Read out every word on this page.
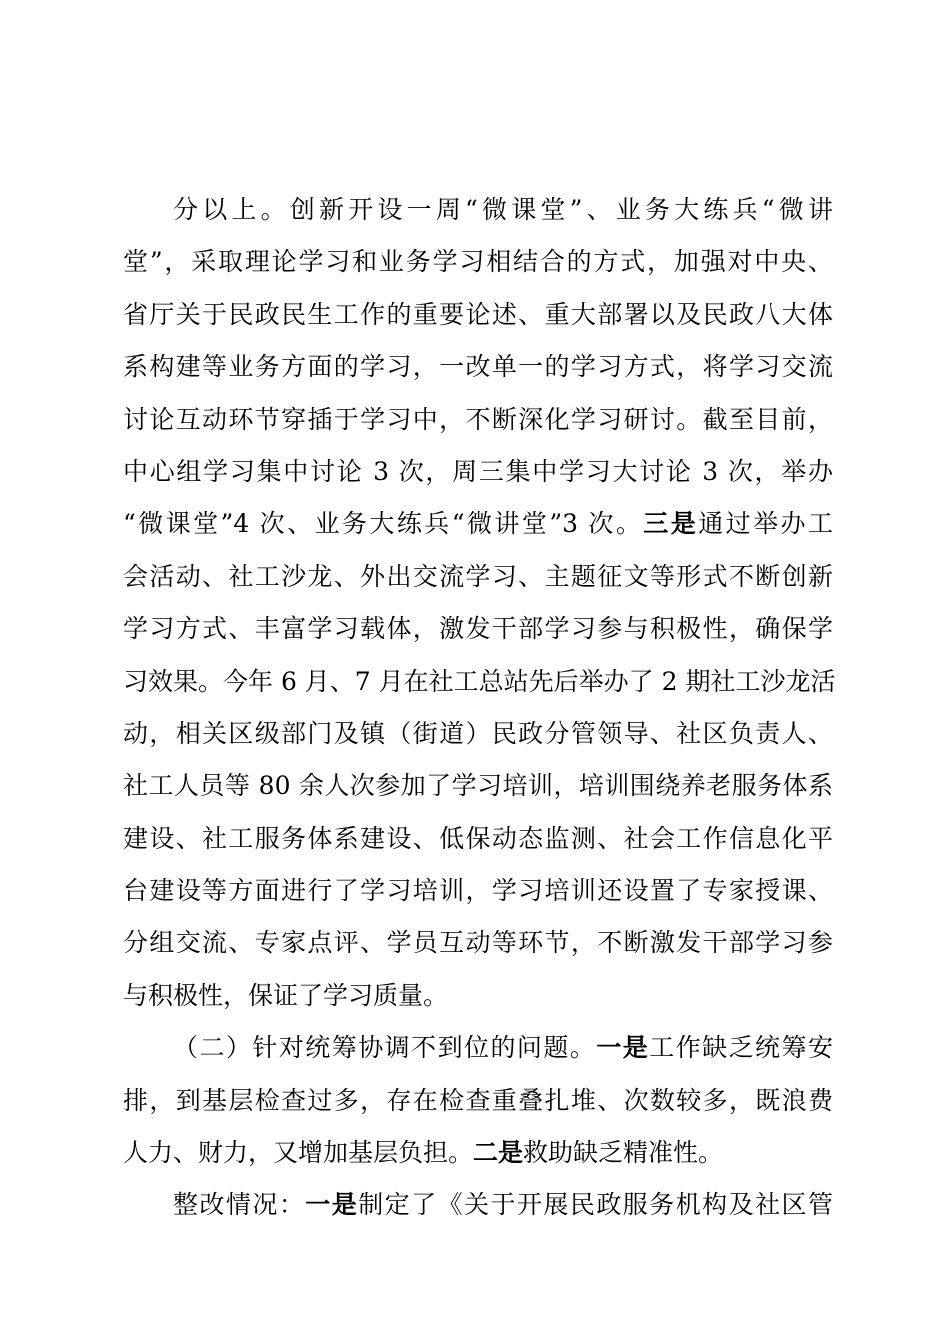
分以上。创新开设一周“微课堂”、业务大练兵“微讲
堂”，采取理论学习和业务学习相结合的方式，加强对中央、
省厅关于民政民生工作的重要论述、重大部署以及民政八大体
系构建等业务方面的学习，一改单一的学习方式，将学习交流
讨论互动环节穿插于学习中，不断深化学习研讨。截至目前，
中心组学习集中讨论 3 次，周三集中学习大讨论 3 次，举办
“微课堂”4 次、业务大练兵“微讲堂”3 次。三是通过举办工
会活动、社工沙龙、外出交流学习、主题征文等形式不断创新
学习方式、丰富学习载体，激发干部学习参与积极性，确保学
习效果。今年 6 月、7 月在社工总站先后举办了 2 期社工沙龙活
动，相关区级部门及镇（街道）民政分管领导、社区负责人、
社工人员等 80 余人次参加了学习培训，培训围绕养老服务体系
建设、社工服务体系建设、低保动态监测、社会工作信息化平
台建设等方面进行了学习培训，学习培训还设置了专家授课、
分组交流、专家点评、学员互动等环节，不断激发干部学习参
与积极性，保证了学习质量。
（二）针对统筹协调不到位的问题。一是工作缺乏统筹安
排，到基层检查过多，存在检查重叠扎堆、次数较多，既浪费
人力、财力，又增加基层负担。二是救助缺乏精准性。
整改情况：一是制定了《关于开展民政服务机构及社区管
